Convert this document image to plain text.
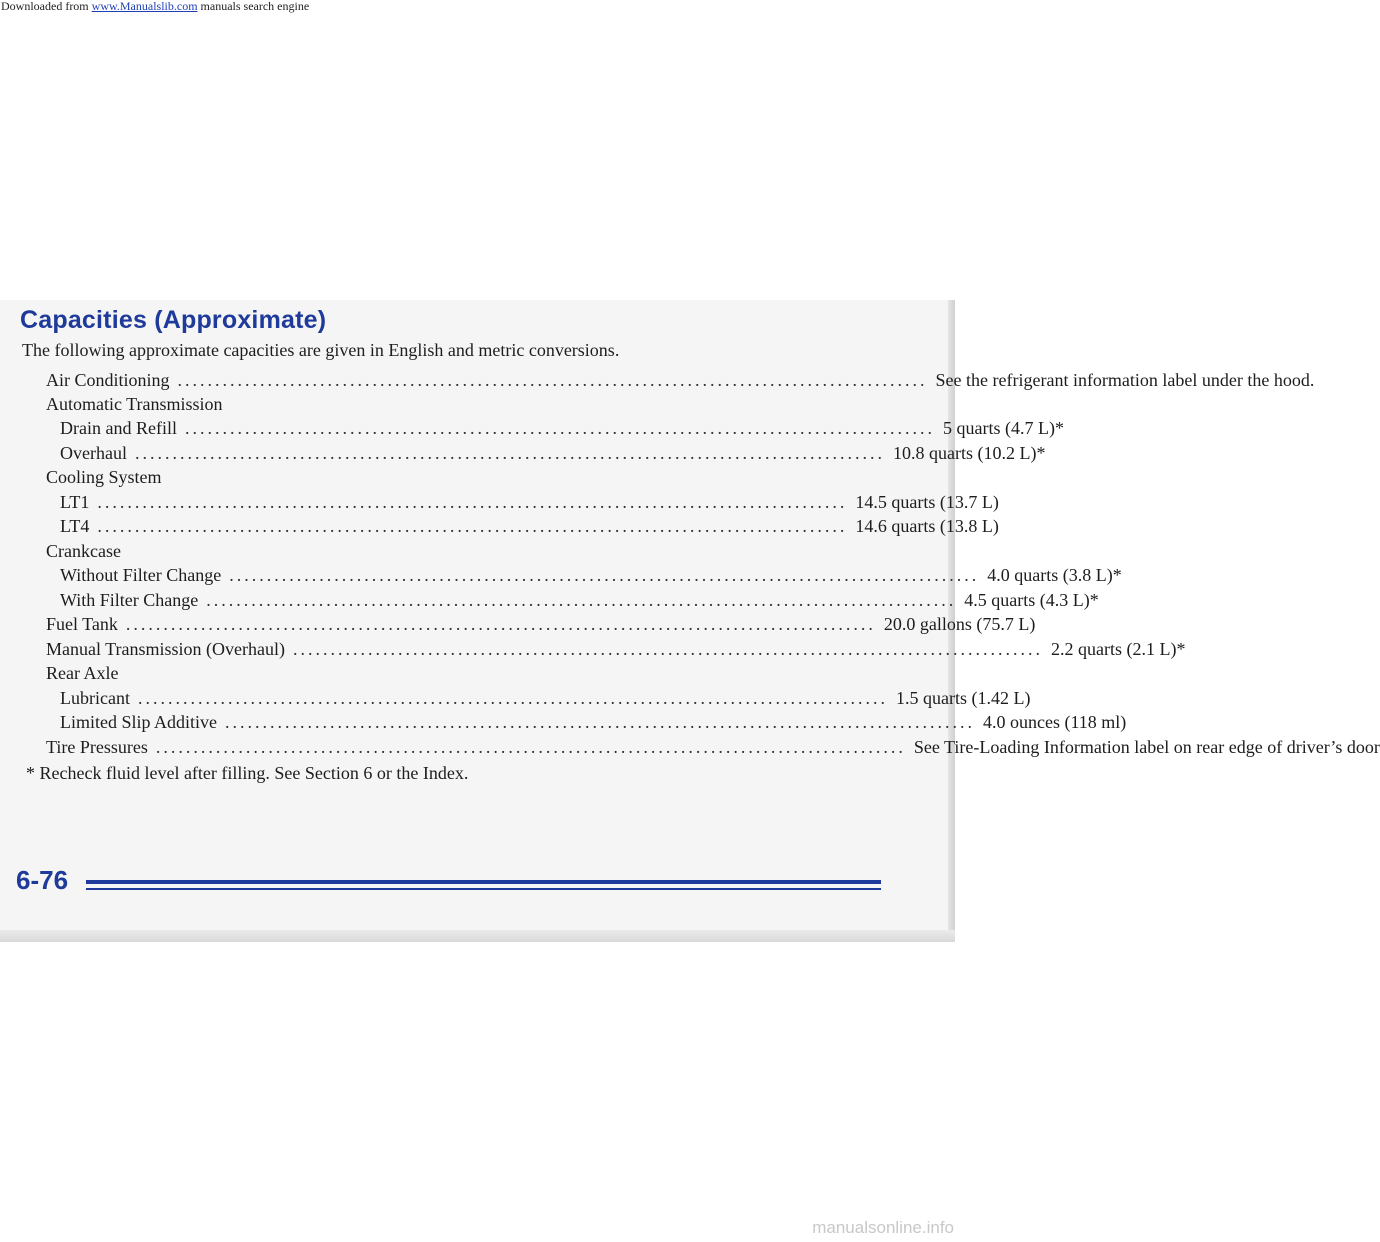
Downloaded from www.Manualslib.com manuals search engine
Capacities (Approximate)
The following approximate capacities are given in English and metric conversions.
Air Conditioning .................................................................................................... See the refrigerant information label under the hood.
Automatic Transmission
Drain and Refill .................................................................................................... 5 quarts (4.7 L)*
Overhaul .................................................................................................... 10.8 quarts (10.2 L)*
Cooling System
LT1 .................................................................................................... 14.5 quarts (13.7 L)
LT4 .................................................................................................... 14.6 quarts (13.8 L)
Crankcase
Without Filter Change .................................................................................................... 4.0 quarts (3.8 L)*
With Filter Change .................................................................................................... 4.5 quarts (4.3 L)*
Fuel Tank .................................................................................................... 20.0 gallons (75.7 L)
Manual Transmission (Overhaul) .................................................................................................... 2.2 quarts (2.1 L)*
Rear Axle
Lubricant .................................................................................................... 1.5 quarts (1.42 L)
Limited Slip Additive .................................................................................................... 4.0 ounces (118 ml)
Tire Pressures .................................................................................................... See Tire-Loading Information label on rear edge of driver’s door
* Recheck fluid level after filling. See Section 6 or the Index.
6-76
manualsonline.info
